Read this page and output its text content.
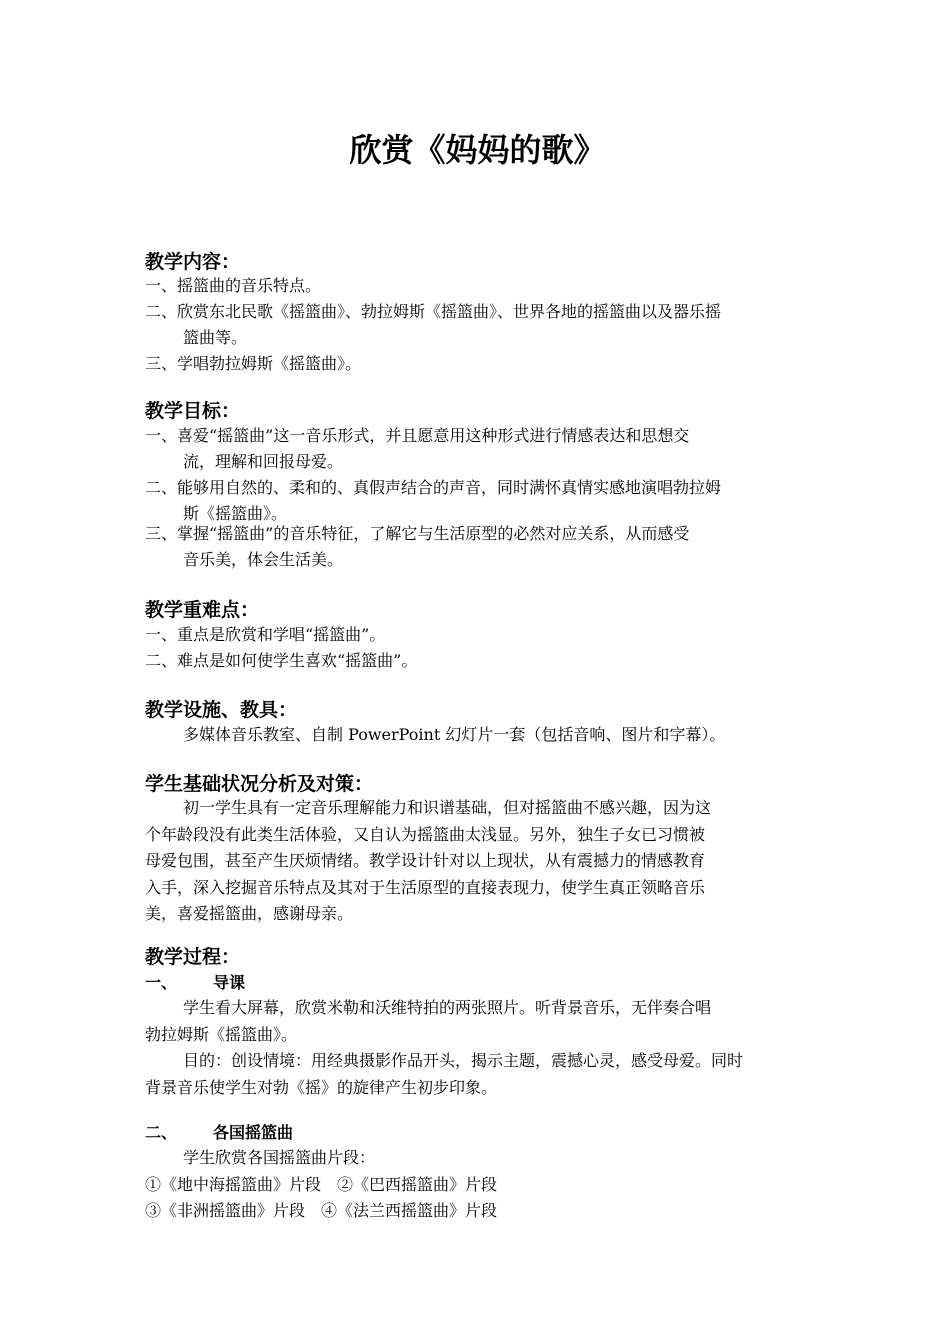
欣赏《妈妈的歌》
教学内容：
一、摇篮曲的音乐特点。
二、欣赏东北民歌《摇篮曲》、勃拉姆斯《摇篮曲》、世界各地的摇篮曲以及器乐摇
篮曲等。
三、学唱勃拉姆斯《摇篮曲》。
教学目标：
一、喜爱“摇篮曲”这一音乐形式，并且愿意用这种形式进行情感表达和思想交
流，理解和回报母爱。
二、能够用自然的、柔和的、真假声结合的声音，同时满怀真情实感地演唱勃拉姆
斯《摇篮曲》。
三、掌握“摇篮曲”的音乐特征，了解它与生活原型的必然对应关系，从而感受
音乐美，体会生活美。
教学重难点：
一、重点是欣赏和学唱“摇篮曲”。
二、难点是如何使学生喜欢“摇篮曲”。
教学设施、教具：
多媒体音乐教室、自制 PowerPoint 幻灯片一套（包括音响、图片和字幕）。
学生基础状况分析及对策：
初一学生具有一定音乐理解能力和识谱基础，但对摇篮曲不感兴趣，因为这
个年龄段没有此类生活体验，又自认为摇篮曲太浅显。另外，独生子女已习惯被
母爱包围，甚至产生厌烦情绪。教学设计针对以上现状，从有震撼力的情感教育
入手，深入挖掘音乐特点及其对于生活原型的直接表现力，使学生真正领略音乐
美，喜爱摇篮曲，感谢母亲。
教学过程：
一、 导课
学生看大屏幕，欣赏米勒和沃维特拍的两张照片。听背景音乐，无伴奏合唱
勃拉姆斯《摇篮曲》。
目的：创设情境：用经典摄影作品开头，揭示主题，震撼心灵，感受母爱。同时
背景音乐使学生对勃《摇》的旋律产生初步印象。
二、 各国摇篮曲
学生欣赏各国摇篮曲片段：
①《地中海摇篮曲》片段　②《巴西摇篮曲》片段
③《非洲摇篮曲》片段　④《法兰西摇篮曲》片段
